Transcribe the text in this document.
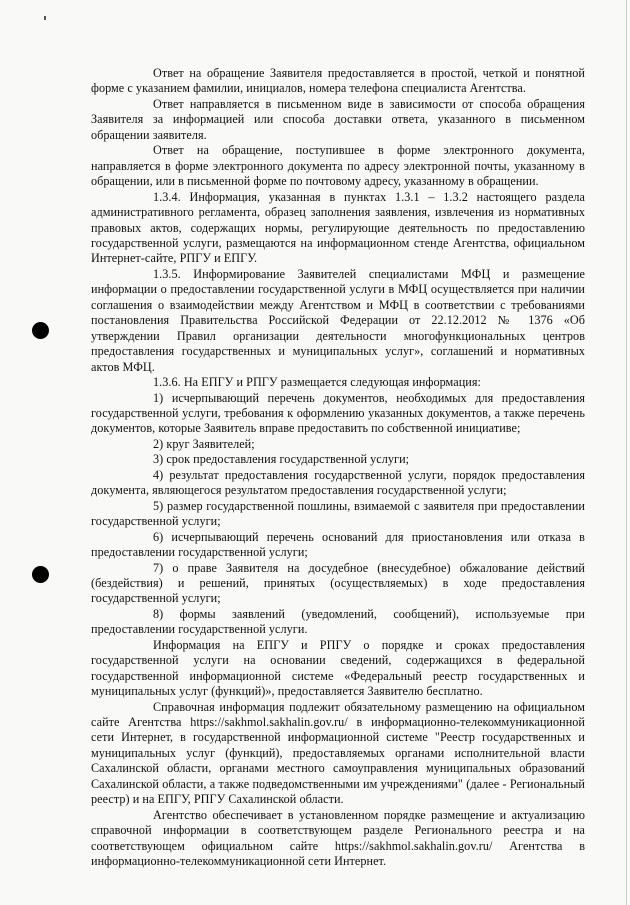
Ответ на обращение Заявителя предоставляется в простой, четкой и понятной форме с указанием фамилии, инициалов, номера телефона специалиста Агентства.

Ответ направляется в письменном виде в зависимости от способа обращения Заявителя за информацией или способа доставки ответа, указанного в письменном обращении заявителя.

Ответ на обращение, поступившее в форме электронного документа, направляется в форме электронного документа по адресу электронной почты, указанному в обращении, или в письменной форме по почтовому адресу, указанному в обращении.

1.3.4. Информация, указанная в пунктах 1.3.1 – 1.3.2 настоящего раздела административного регламента, образец заполнения заявления, извлечения из нормативных правовых актов, содержащих нормы, регулирующие деятельность по предоставлению государственной услуги, размещаются на информационном стенде Агентства, официальном Интернет-сайте, РПГУ и ЕПГУ.

1.3.5. Информирование Заявителей специалистами МФЦ и размещение информации о предоставлении государственной услуги в МФЦ осуществляется при наличии соглашения о взаимодействии между Агентством и МФЦ в соответствии с требованиями постановления Правительства Российской Федерации от 22.12.2012 № 1376 «Об утверждении Правил организации деятельности многофункциональных центров предоставления государственных и муниципальных услуг», соглашений и нормативных актов МФЦ.

1.3.6. На ЕПГУ и РПГУ размещается следующая информация:

1) исчерпывающий перечень документов, необходимых для предоставления государственной услуги, требования к оформлению указанных документов, а также перечень документов, которые Заявитель вправе предоставить по собственной инициативе;

2) круг Заявителей;

3) срок предоставления государственной услуги;

4) результат предоставления государственной услуги, порядок предоставления документа, являющегося результатом предоставления государственной услуги;

5) размер государственной пошлины, взимаемой с заявителя при предоставлении государственной услуги;

6) исчерпывающий перечень оснований для приостановления или отказа в предоставлении государственной услуги;

7) о праве Заявителя на досудебное (внесудебное) обжалование действий (бездействия) и решений, принятых (осуществляемых) в ходе предоставления государственной услуги;

8) формы заявлений (уведомлений, сообщений), используемые при предоставлении государственной услуги.

Информация на ЕПГУ и РПГУ о порядке и сроках предоставления государственной услуги на основании сведений, содержащихся в федеральной государственной информационной системе «Федеральный реестр государственных и муниципальных услуг (функций)», предоставляется Заявителю бесплатно.

Справочная информация подлежит обязательному размещению на официальном сайте Агентства https://sakhmol.sakhalin.gov.ru/ в информационно-телекоммуникационной сети Интернет, в государственной информационной системе "Реестр государственных и муниципальных услуг (функций), предоставляемых органами исполнительной власти Сахалинской области, органами местного самоуправления муниципальных образований Сахалинской области, а также подведомственными им учреждениями" (далее - Региональный реестр) и на ЕПГУ, РПГУ Сахалинской области.

Агентство обеспечивает в установленном порядке размещение и актуализацию справочной информации в соответствующем разделе Регионального реестра и на соответствующем официальном сайте https://sakhmol.sakhalin.gov.ru/ Агентства в информационно-телекоммуникационной сети Интернет.
